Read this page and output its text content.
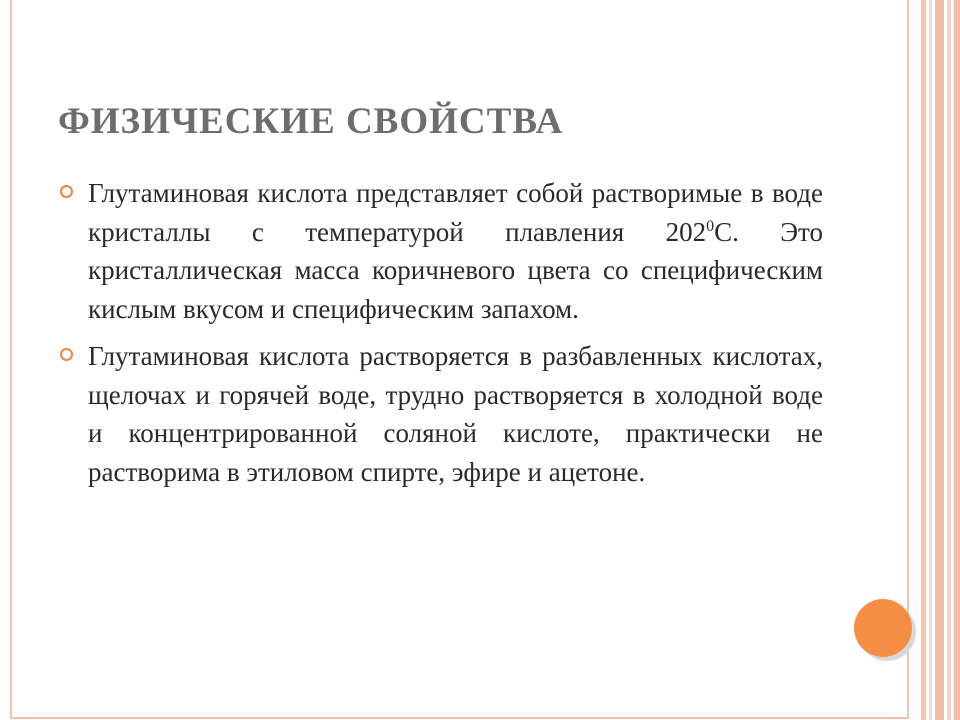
ФИЗИЧЕСКИЕ СВОЙСТВА
Глутаминовая кислота представляет собой растворимые в воде кристаллы с температурой плавления $202^0С$. Это кристаллическая масса коричневого цвета со специфическим кислым вкусом и специфическим запахом.
Глутаминовая кислота растворяется в разбавленных кислотах, щелочах и горячей воде, трудно растворяется в холодной воде и концентрированной соляной кислоте, практически не растворима в этиловом спирте, эфире и ацетоне.
